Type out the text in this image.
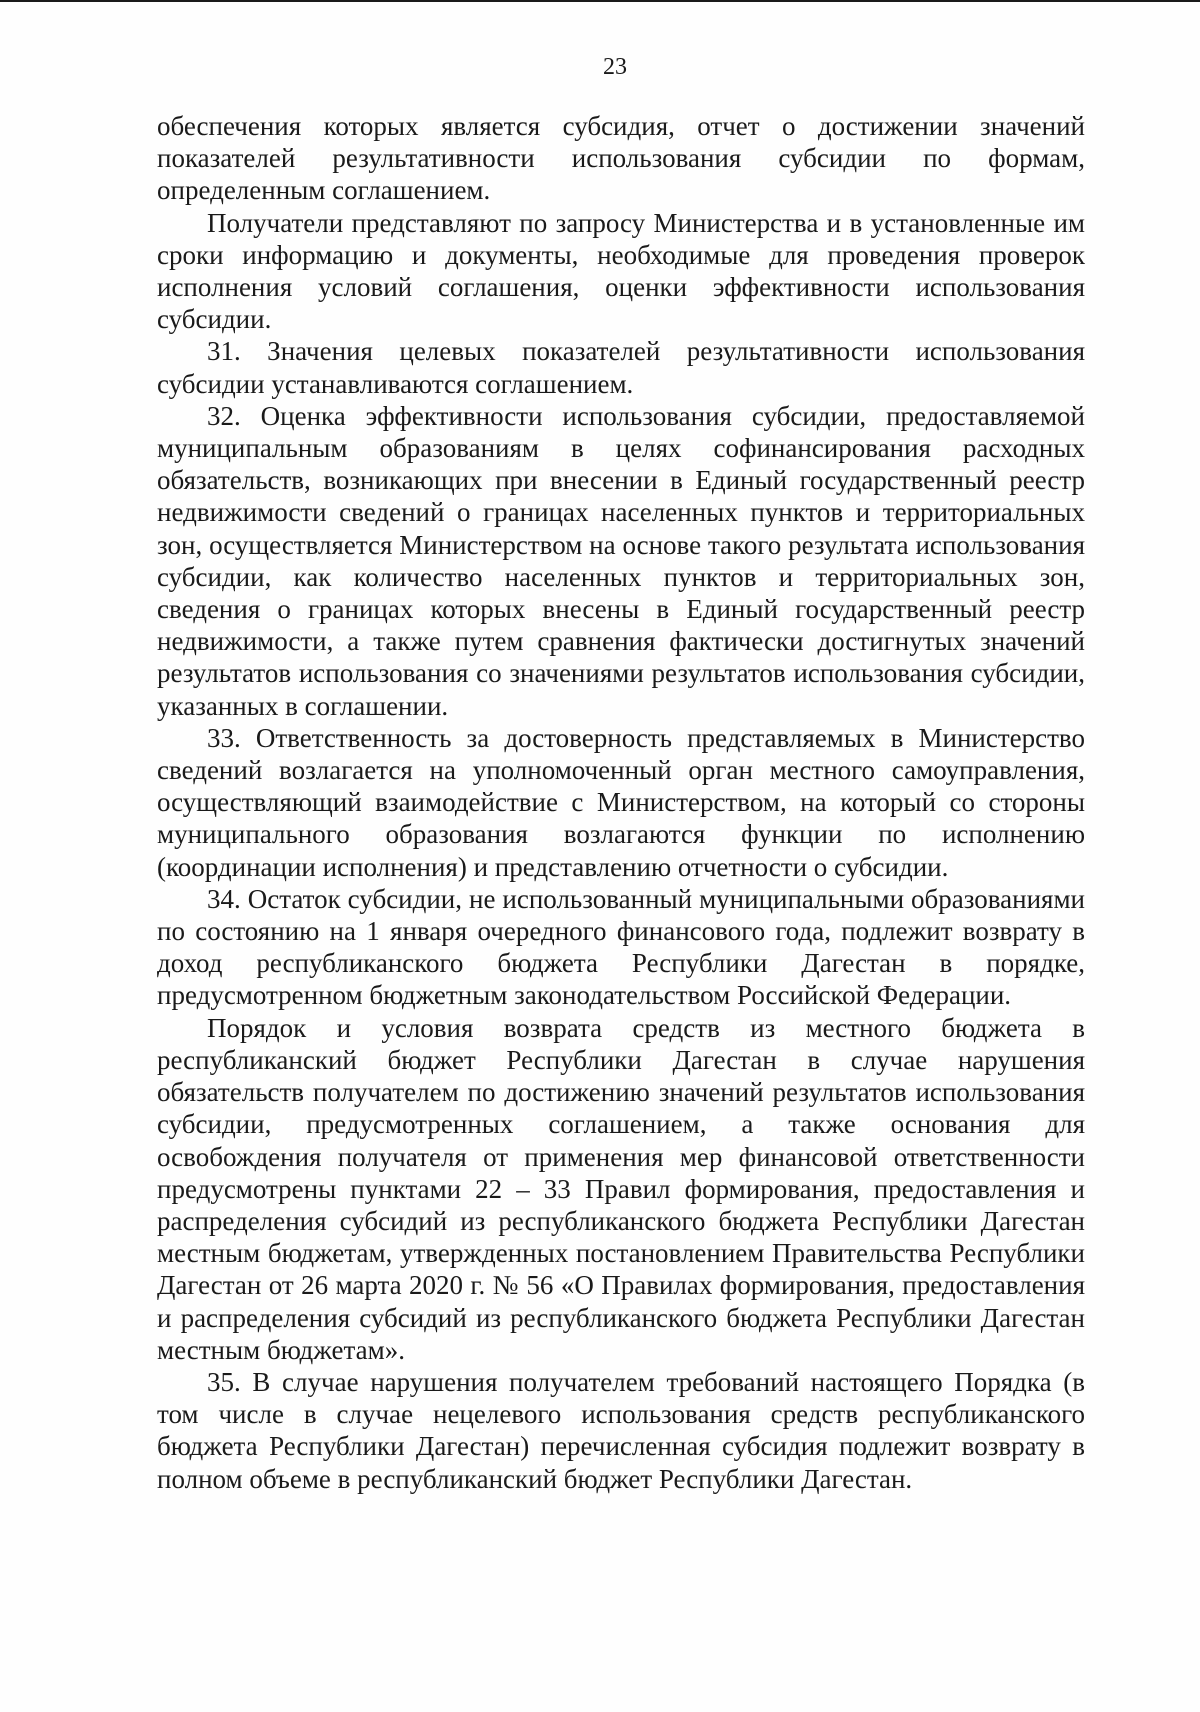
23

обеспечения которых является субсидия, отчет о достижении значений показателей результативности использования субсидии по формам, определенным соглашением.

Получатели представляют по запросу Министерства и в установленные им сроки информацию и документы, необходимые для проведения проверок исполнения условий соглашения, оценки эффективности использования субсидии.

31. Значения целевых показателей результативности использования субсидии устанавливаются соглашением.

32. Оценка эффективности использования субсидии, предоставляемой муниципальным образованиям в целях софинансирования расходных обязательств, возникающих при внесении в Единый государственный реестр недвижимости сведений о границах населенных пунктов и территориальных зон, осуществляется Министерством на основе такого результата использования субсидии, как количество населенных пунктов и территориальных зон, сведения о границах которых внесены в Единый государственный реестр недвижимости, а также путем сравнения фактически достигнутых значений результатов использования со значениями результатов использования субсидии, указанных в соглашении.

33. Ответственность за достоверность представляемых в Министерство сведений возлагается на уполномоченный орган местного самоуправления, осуществляющий взаимодействие с Министерством, на который со стороны муниципального образования возлагаются функции по исполнению (координации исполнения) и представлению отчетности о субсидии.

34. Остаток субсидии, не использованный муниципальными образованиями по состоянию на 1 января очередного финансового года, подлежит возврату в доход республиканского бюджета Республики Дагестан в порядке, предусмотренном бюджетным законодательством Российской Федерации.

Порядок и условия возврата средств из местного бюджета в республиканский бюджет Республики Дагестан в случае нарушения обязательств получателем по достижению значений результатов использования субсидии, предусмотренных соглашением, а также основания для освобождения получателя от применения мер финансовой ответственности предусмотрены пунктами 22 – 33 Правил формирования, предоставления и распределения субсидий из республиканского бюджета Республики Дагестан местным бюджетам, утвержденных постановлением Правительства Республики Дагестан от 26 марта 2020 г. № 56 «О Правилах формирования, предоставления и распределения субсидий из республиканского бюджета Республики Дагестан местным бюджетам».

35. В случае нарушения получателем требований настоящего Порядка (в том числе в случае нецелевого использования средств республиканского бюджета Республики Дагестан) перечисленная субсидия подлежит возврату в полном объеме в республиканский бюджет Республики Дагестан.
